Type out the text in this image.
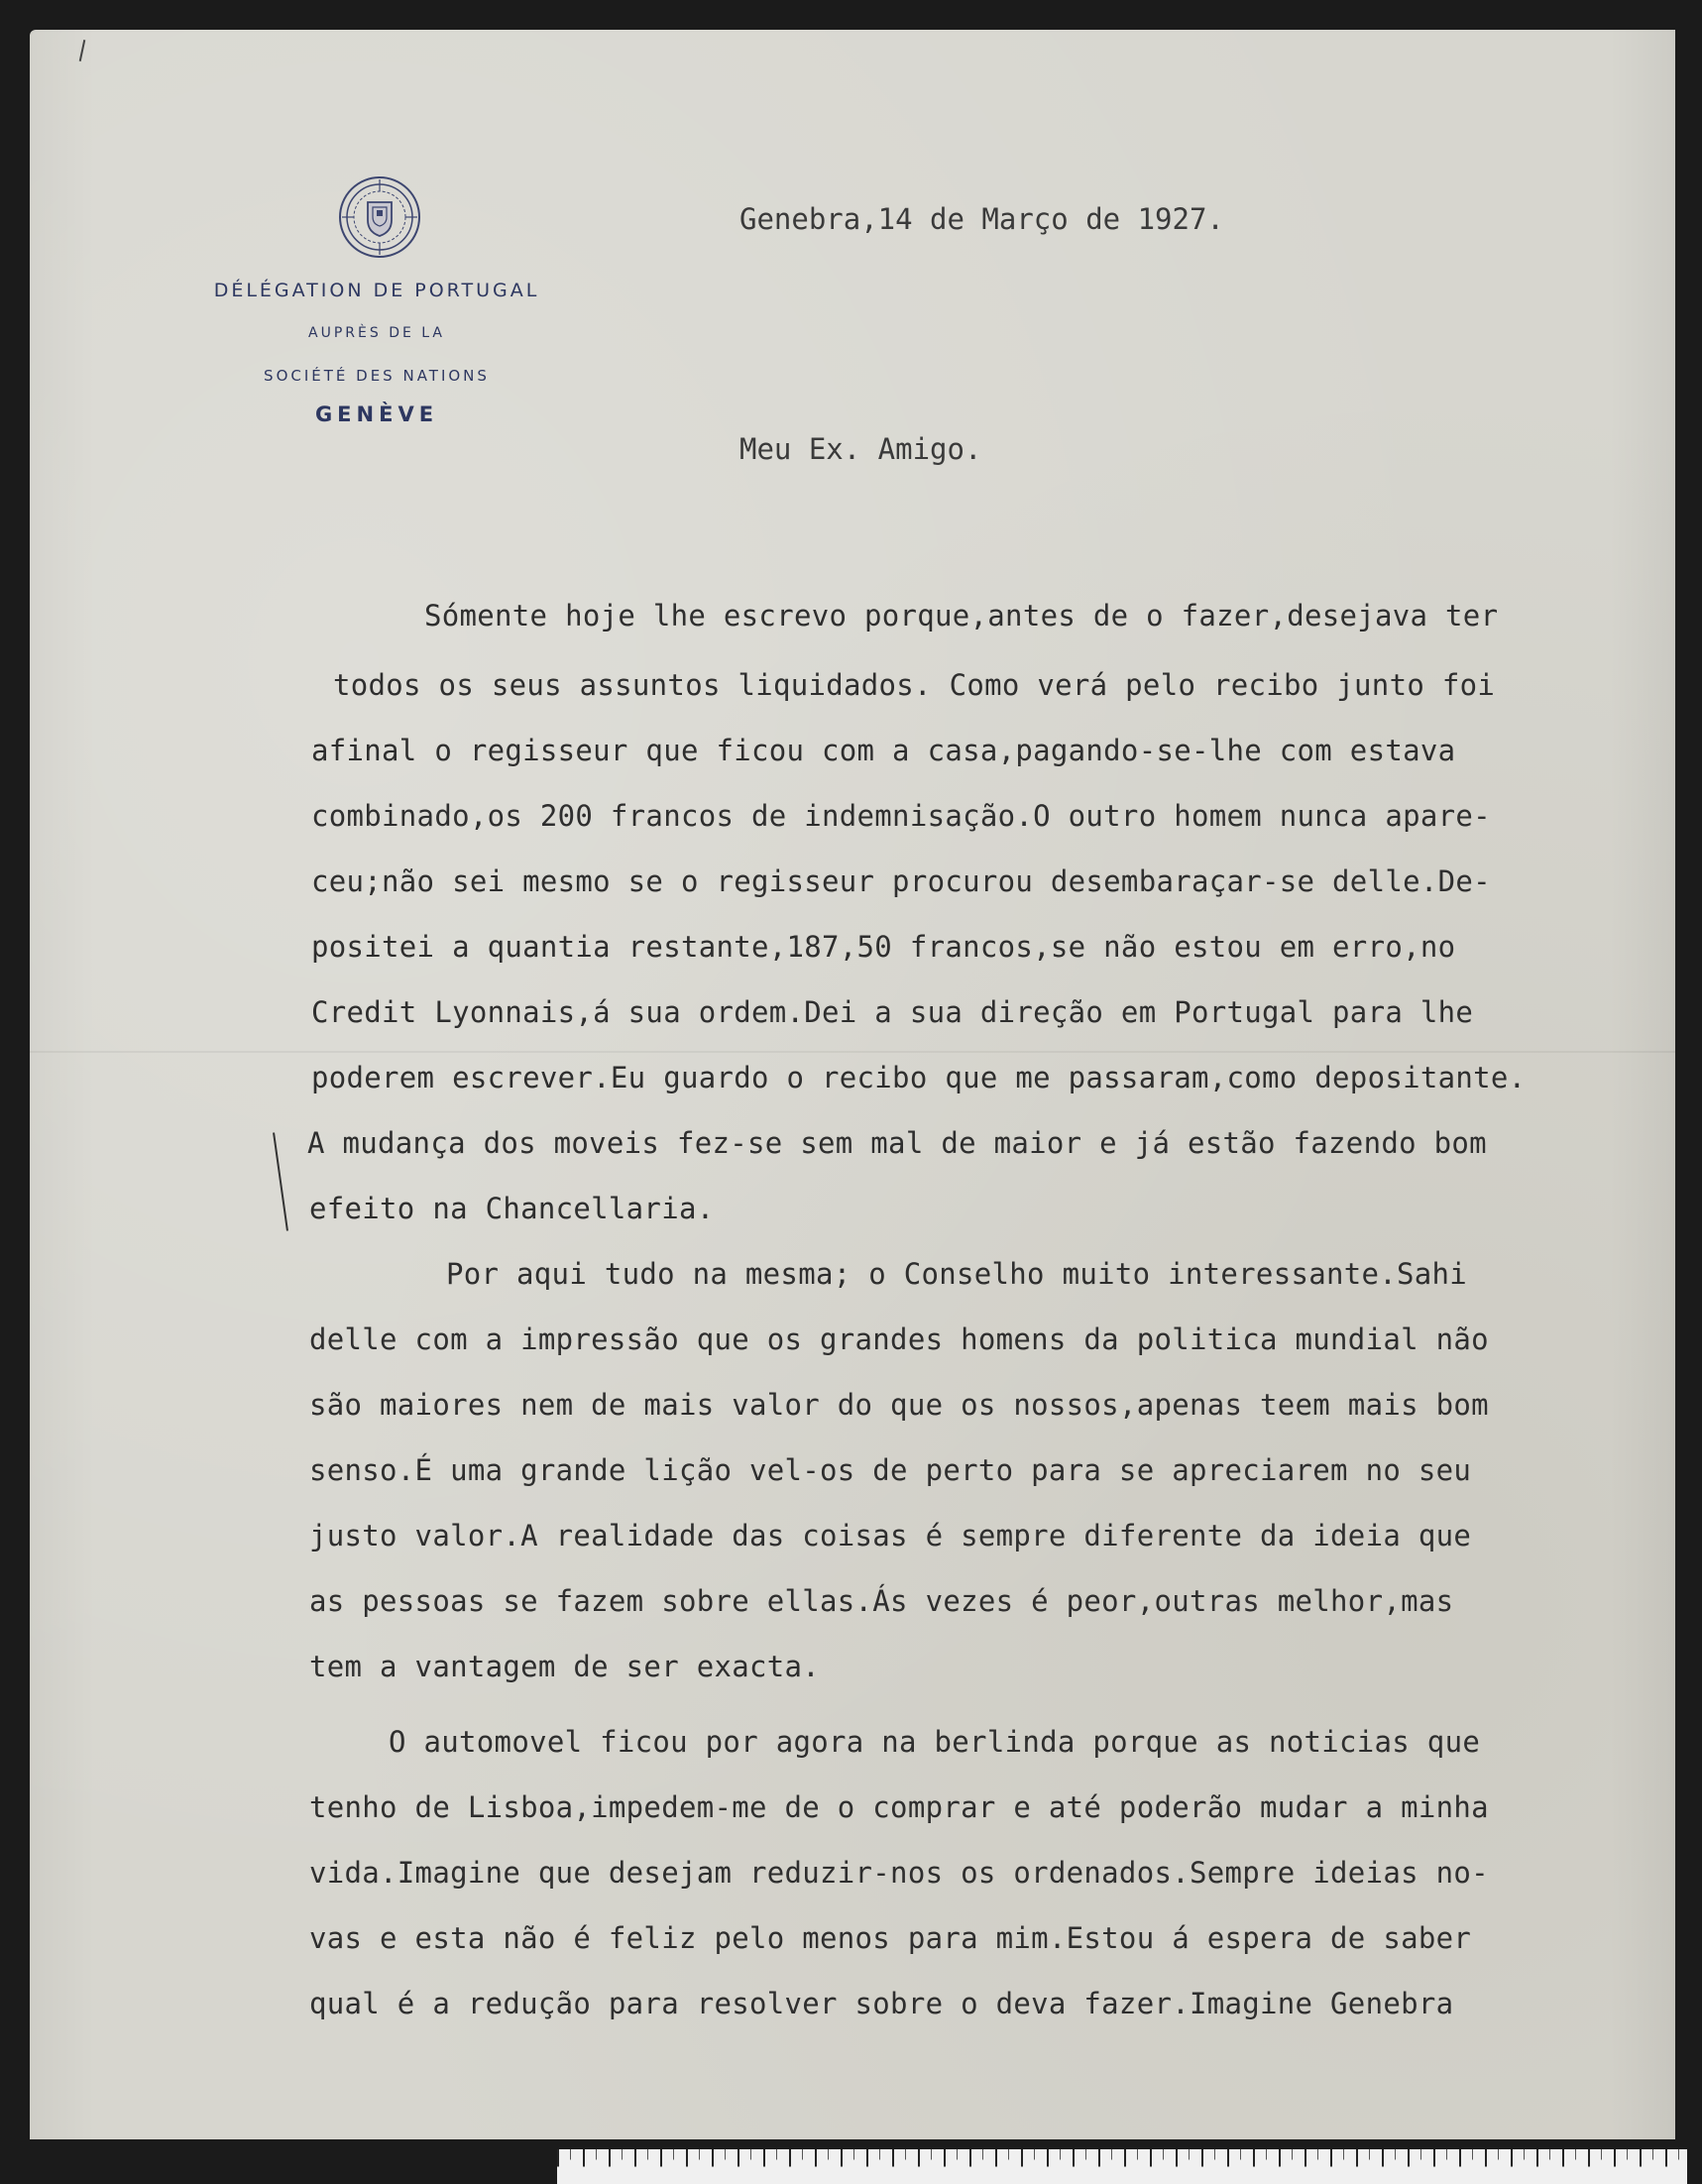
DÉLÉGATION DE PORTUGAL
AUPRÈS DE LA
SOCIÉTÉ DES NATIONS
GENÈVE
Genebra,14 de Março de 1927.
Meu Ex. Amigo.
Sómente hoje lhe escrevo porque,antes de o fazer,desejava ter
todos os seus assuntos liquidados. Como verá pelo recibo junto foi
afinal o regisseur que ficou com a casa,pagando-se-lhe com estava
combinado,os 200 francos de indemnisação.O outro homem nunca apare-
ceu;não sei mesmo se o regisseur procurou desembaraçar-se delle.De-
positei a quantia restante,187,50 francos,se não estou em erro,no
Credit Lyonnais,á sua ordem.Dei a sua direção em Portugal para lhe
poderem escrever.Eu guardo o recibo que me passaram,como depositante.
A mudança dos moveis fez-se sem mal de maior e já estão fazendo bom
efeito na Chancellaria.
Por aqui tudo na mesma; o Conselho muito interessante.Sahi
delle com a impressão que os grandes homens da politica mundial não
são maiores nem de mais valor do que os nossos,apenas teem mais bom
senso.É uma grande lição vel-os de perto para se apreciarem no seu
justo valor.A realidade das coisas é sempre diferente da ideia que
as pessoas se fazem sobre ellas.Ás vezes é peor,outras melhor,mas
tem a vantagem de ser exacta.
O automovel ficou por agora na berlinda porque as noticias que
tenho de Lisboa,impedem-me de o comprar e até poderão mudar a minha
vida.Imagine que desejam reduzir-nos os ordenados.Sempre ideias no-
vas e esta não é feliz pelo menos para mim.Estou á espera de saber
qual é a redução para resolver sobre o deva fazer.Imagine Genebra
